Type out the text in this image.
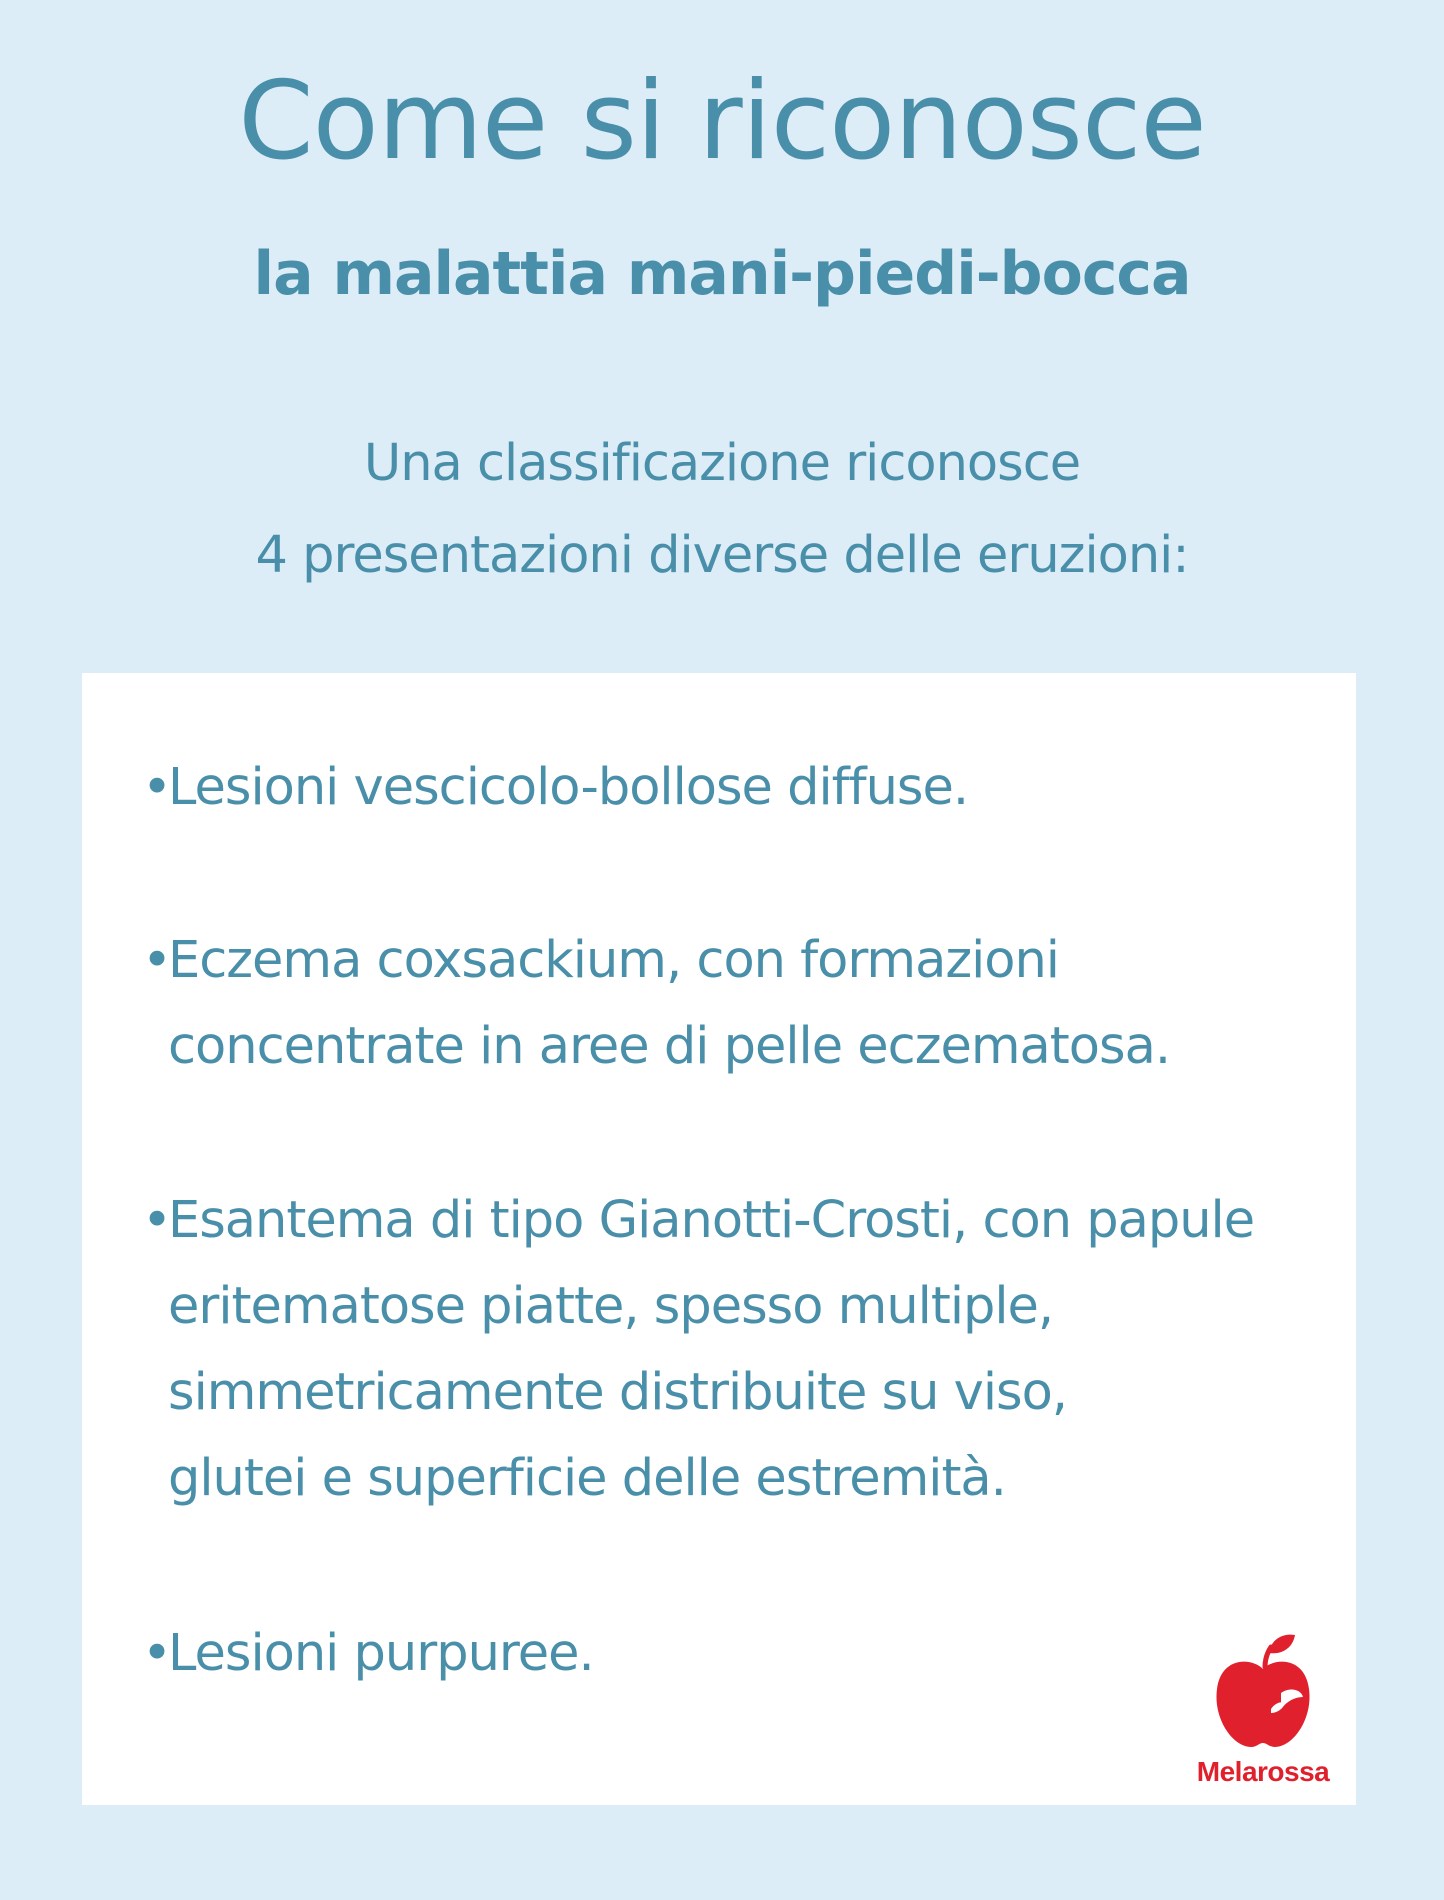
Come si riconosce
la malattia mani-piedi-bocca
Una classificazione riconosce
4 presentazioni diverse delle eruzioni:
•
Lesioni vescicolo-bollose diffuse.
•
Eczema coxsackium, con formazioni
concentrate in aree di pelle eczematosa.
•
Esantema di tipo Gianotti-Crosti, con papule
eritematose piatte, spesso multiple,
simmetricamente distribuite su viso,
glutei e superficie delle estremità.
•
Lesioni purpuree.
Melarossa
